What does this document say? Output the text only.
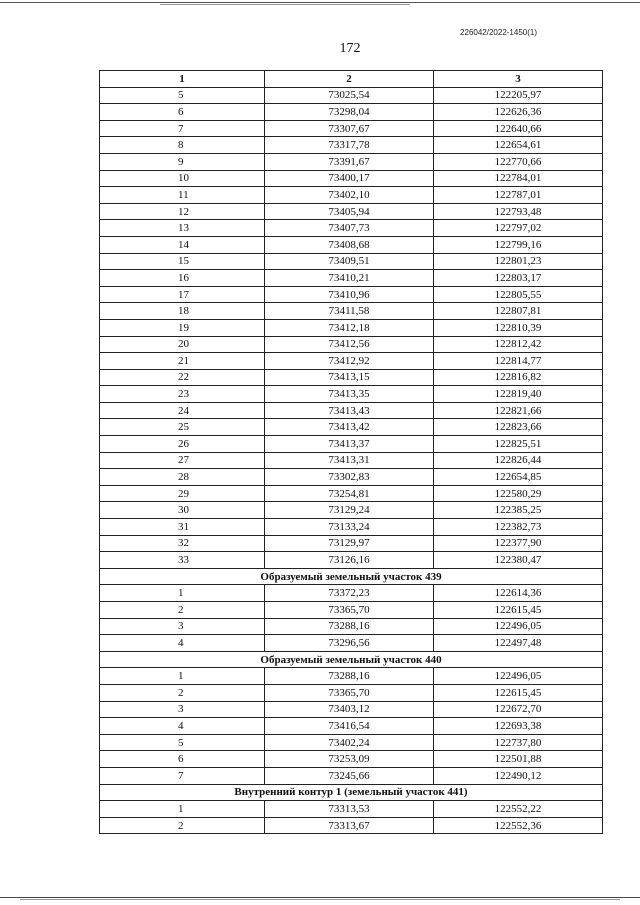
226042/2022-1450(1)
172
1	2	3
5	73025,54	122205,97
6	73298,04	122626,36
7	73307,67	122640,66
8	73317,78	122654,61
9	73391,67	122770,66
10	73400,17	122784,01
11	73402,10	122787,01
12	73405,94	122793,48
13	73407,73	122797,02
14	73408,68	122799,16
15	73409,51	122801,23
16	73410,21	122803,17
17	73410,96	122805,55
18	73411,58	122807,81
19	73412,18	122810,39
20	73412,56	122812,42
21	73412,92	122814,77
22	73413,15	122816,82
23	73413,35	122819,40
24	73413,43	122821,66
25	73413,42	122823,66
26	73413,37	122825,51
27	73413,31	122826,44
28	73302,83	122654,85
29	73254,81	122580,29
30	73129,24	122385,25
31	73133,24	122382,73
32	73129,97	122377,90
33	73126,16	122380,47
Образуемый земельный участок 439		
1	73372,23	122614,36
2	73365,70	122615,45
3	73288,16	122496,05
4	73296,56	122497,48
Образуемый земельный участок 440		
1	73288,16	122496,05
2	73365,70	122615,45
3	73403,12	122672,70
4	73416,54	122693,38
5	73402,24	122737,80
6	73253,09	122501,88
7	73245,66	122490,12
Внутренний контур 1 (земельный участок 441)		
1	73313,53	122552,22
2	73313,67	122552,36
